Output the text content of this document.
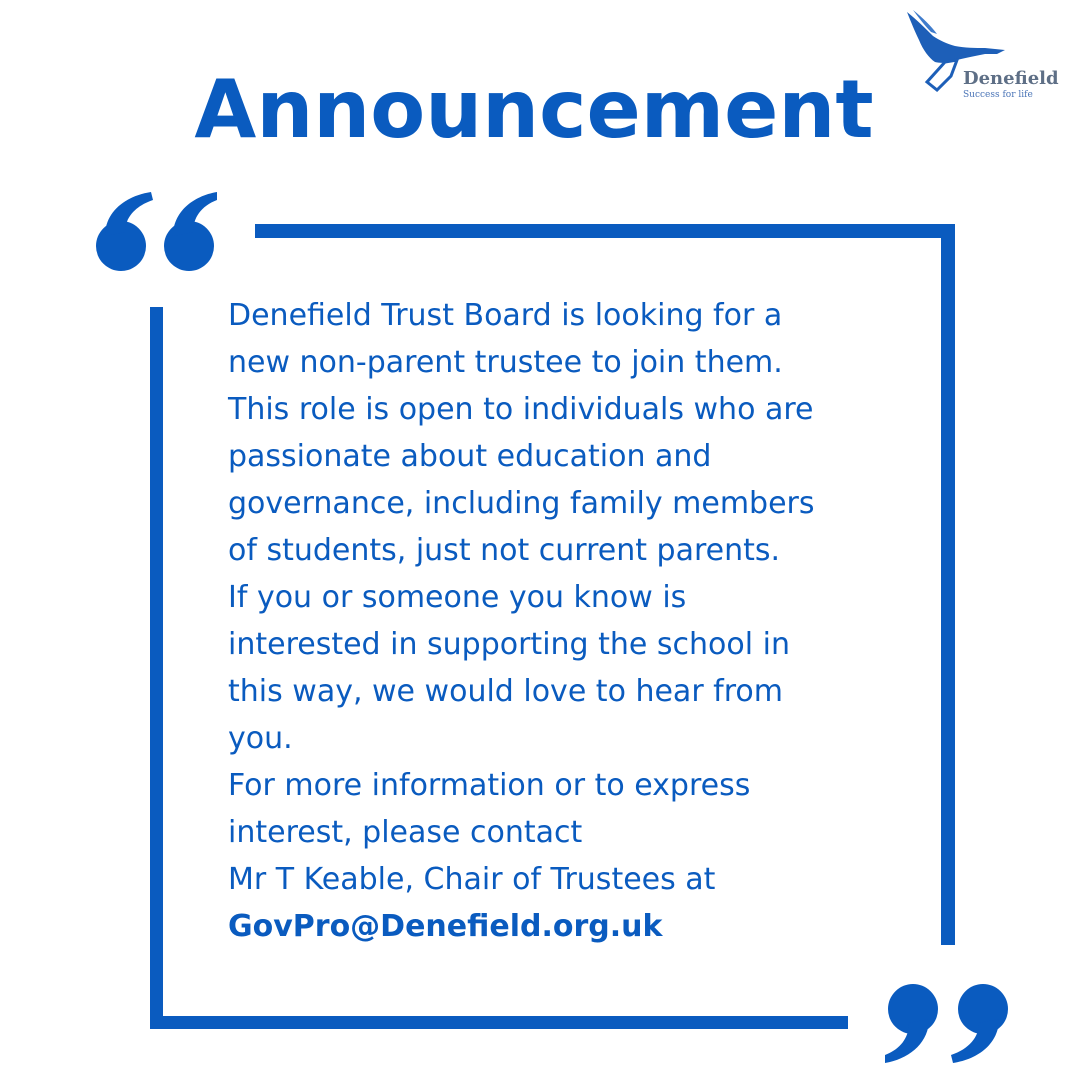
Announcement	Denefield
Success for life
Denefield Trust Board is looking for a
new non-parent trustee to join them.
This role is open to individuals who are
passionate about education and
governance, including family members
of students, just not current parents.
If you or someone you know is
interested in supporting the school in
this way, we would love to hear from
you.
For more information or to express
interest, please contact
Mr T Keable, Chair of Trustees at
GovPro@Denefield.org.uk
